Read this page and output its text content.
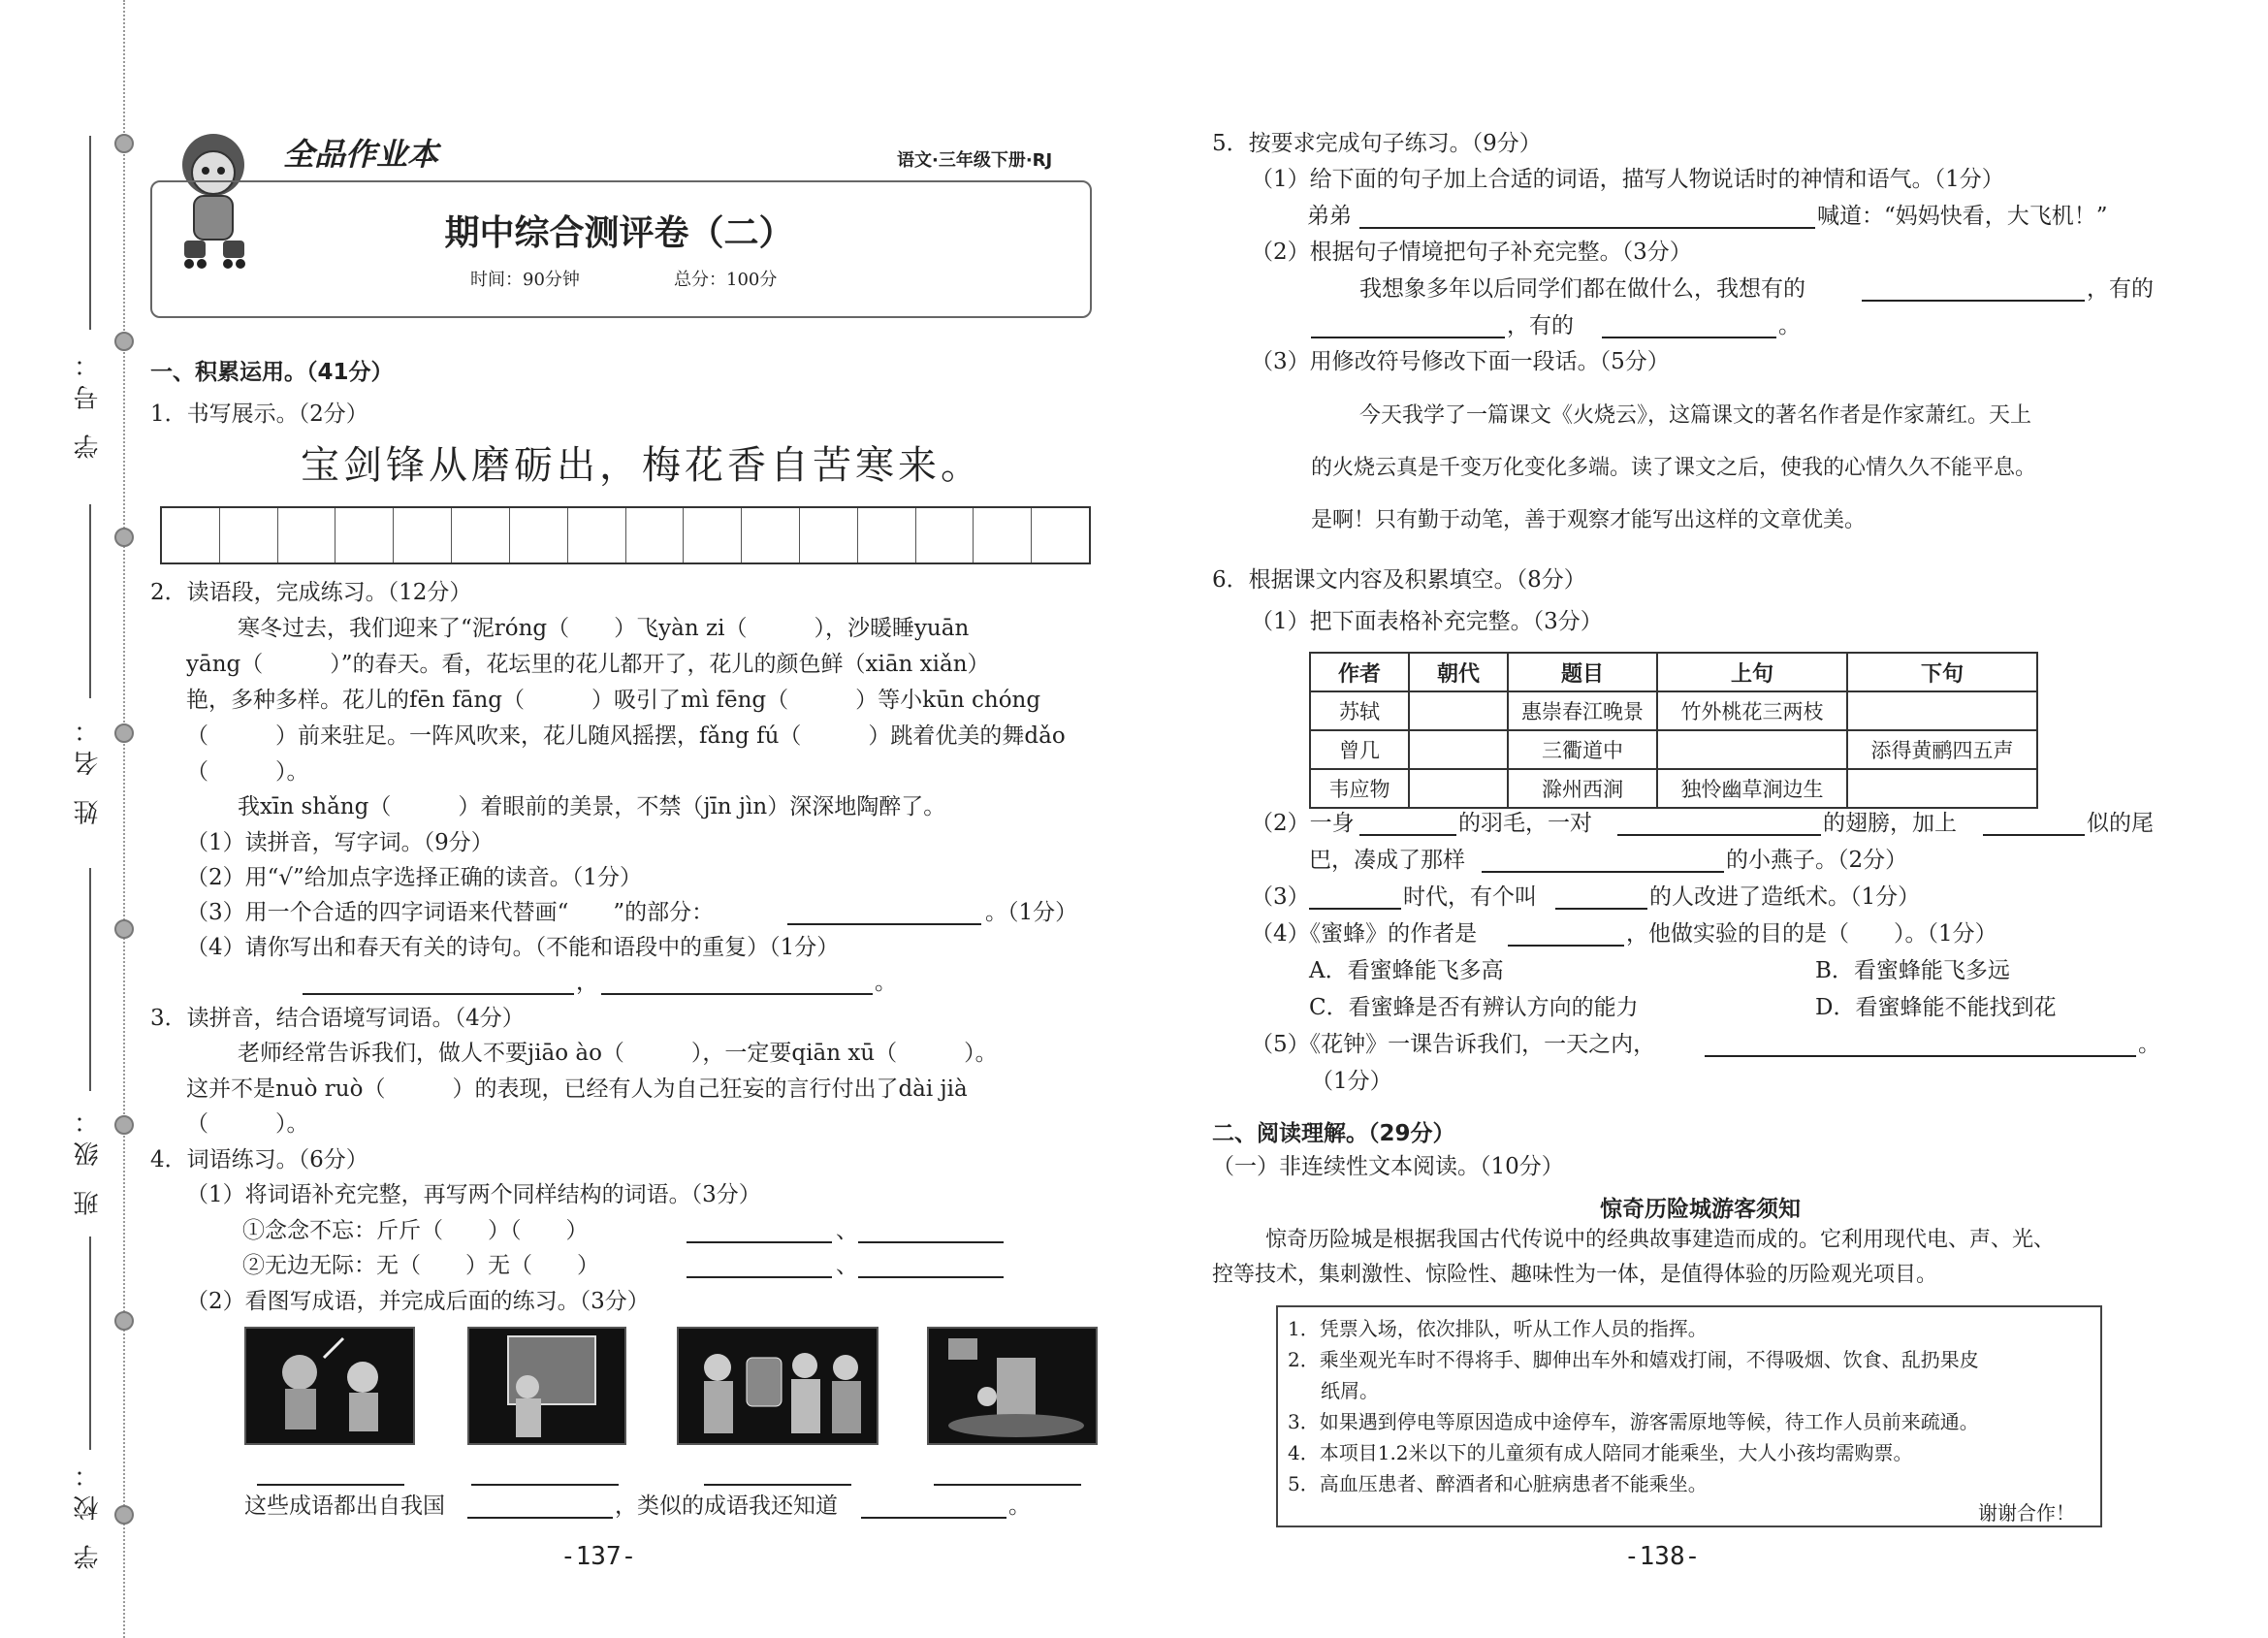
学 号：
姓 名：
班 级：
学 校：
全品作业本	语文·三年级下册·RJ
期中综合测评卷（二）
时间：90分钟	总分：100分
一、积累运用。（41分）
1．书写展示。（2分）
宝剑锋从磨砺出，梅花香自苦寒来。
2．读语段，完成练习。（12分）
寒冬过去，我们迎来了“泥róng（　　）飞yàn zi（　　　），沙暖睡yuān
yāng（　　　）”的春天。看，花坛里的花儿都开了，花儿的颜色鲜（xiān xiǎn）
艳，多种多样。花儿的fēn fāng（　　　）吸引了mì fēng（　　　）等小kūn chóng
（　　　）前来驻足。一阵风吹来，花儿随风摇摆，fǎng fú（　　　）跳着优美的舞dǎo
（　　　）。
我xīn shǎng（　　　）着眼前的美景，不禁（jīn jìn）深深地陶醉了。
（1）读拼音，写字词。（9分）
（2）用“√”给加点字选择正确的读音。（1分）
（3）用一个合适的四字词语来代替画“　　”的部分：	。（1分）
（4）请你写出和春天有关的诗句。（不能和语段中的重复）（1分）
，	。
3．读拼音，结合语境写词语。（4分）
老师经常告诉我们，做人不要jiāo ào（　　　），一定要qiān xū（　　　）。
这并不是nuò ruò（　　　）的表现，已经有人为自己狂妄的言行付出了dài jià
（　　　）。
4．词语练习。（6分）
（1）将词语补充完整，再写两个同样结构的词语。（3分）
①念念不忘：斤斤（　　）（　　）	、
②无边无际：无（　　）无（　　）	、
（2）看图写成语，并完成后面的练习。（3分）
这些成语都出自我国	，类似的成语我还知道	。
-137-
5．按要求完成句子练习。（9分）
（1）给下面的句子加上合适的词语，描写人物说话时的神情和语气。（1分）
弟弟	喊道：“妈妈快看，大飞机！”
（2）根据句子情境把句子补充完整。（3分）
我想象多年以后同学们都在做什么，我想有的	，有的
，有的	。
（3）用修改符号修改下面一段话。（5分）
今天我学了一篇课文《火烧云》，这篇课文的著名作者是作家萧红。天上
的火烧云真是千变万化变化多端。读了课文之后，使我的心情久久不能平息。
是啊！只有勤于动笔，善于观察才能写出这样的文章优美。
6．根据课文内容及积累填空。（8分）
（1）把下面表格补充完整。（3分）
作者	朝代	题目	上句	下句
苏轼		惠崇春江晚景	竹外桃花三两枝	
曾几		三衢道中		添得黄鹂四五声
韦应物		滁州西涧	独怜幽草涧边生	
（2）一身	的羽毛，一对	的翅膀，加上	似的尾
巴，凑成了那样	的小燕子。（2分）
（3）	时代，有个叫	的人改进了造纸术。（1分）
（4）《蜜蜂》的作者是	，他做实验的目的是（　　）。（1分）
A．看蜜蜂能飞多高	B．看蜜蜂能飞多远
C．看蜜蜂是否有辨认方向的能力	D．看蜜蜂能不能找到花
（5）《花钟》一课告诉我们，一天之内，	。
（1分）
二、阅读理解。（29分）
（一）非连续性文本阅读。（10分）
惊奇历险城游客须知
惊奇历险城是根据我国古代传说中的经典故事建造而成的。它利用现代电、声、光、
控等技术，集刺激性、惊险性、趣味性为一体，是值得体验的历险观光项目。
1．凭票入场，依次排队，听从工作人员的指挥。
2．乘坐观光车时不得将手、脚伸出车外和嬉戏打闹，不得吸烟、饮食、乱扔果皮
纸屑。
3．如果遇到停电等原因造成中途停车，游客需原地等候，待工作人员前来疏通。
4．本项目1.2米以下的儿童须有成人陪同才能乘坐，大人小孩均需购票。
5．高血压患者、醉酒者和心脏病患者不能乘坐。
谢谢合作！
-138-
